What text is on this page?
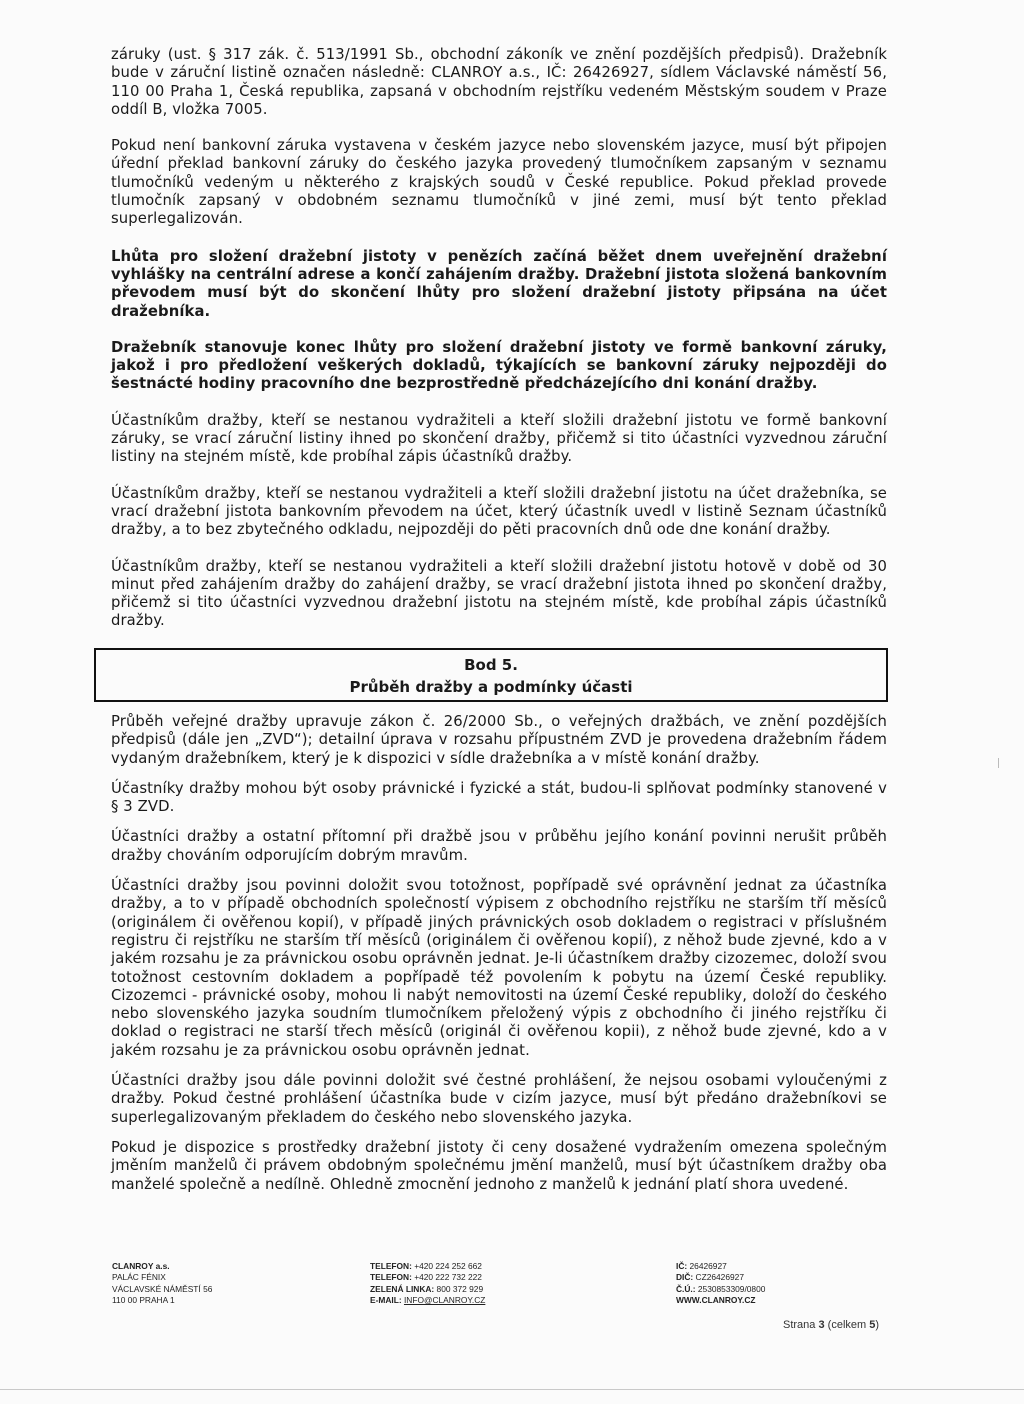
záruky (ust. § 317 zák. č. 513/1991 Sb., obchodní zákoník ve znění pozdějších předpisů). Dražebník bude v záruční listině označen následně: CLANROY a.s., IČ: 26426927, sídlem Václavské náměstí 56, 110 00 Praha 1, Česká republika, zapsaná v obchodním rejstříku vedeném Městským soudem v Praze oddíl B, vložka 7005.

Pokud není bankovní záruka vystavena v českém jazyce nebo slovenském jazyce, musí být připojen úřední překlad bankovní záruky do českého jazyka provedený tlumočníkem zapsaným v seznamu tlumočníků vedeným u některého z krajských soudů v České republice. Pokud překlad provede tlumočník zapsaný v obdobném seznamu tlumočníků v jiné zemi, musí být tento překlad superlegalizován.

Lhůta pro složení dražební jistoty v penězích začíná běžet dnem uveřejnění dražební vyhlášky na centrální adrese a končí zahájením dražby. Dražební jistota složená bankovním převodem musí být do skončení lhůty pro složení dražební jistoty připsána na účet dražebníka.

Dražebník stanovuje konec lhůty pro složení dražební jistoty ve formě bankovní záruky, jakož i pro předložení veškerých dokladů, týkajících se bankovní záruky nejpozději do šestnácté hodiny pracovního dne bezprostředně předcházejícího dni konání dražby.

Účastníkům dražby, kteří se nestanou vydražiteli a kteří složili dražební jistotu ve formě bankovní záruky, se vrací záruční listiny ihned po skončení dražby, přičemž si tito účastníci vyzvednou záruční listiny na stejném místě, kde probíhal zápis účastníků dražby.

Účastníkům dražby, kteří se nestanou vydražiteli a kteří složili dražební jistotu na účet dražebníka, se vrací dražební jistota bankovním převodem na účet, který účastník uvedl v listině Seznam účastníků dražby, a to bez zbytečného odkladu, nejpozději do pěti pracovních dnů ode dne konání dražby.

Účastníkům dražby, kteří se nestanou vydražiteli a kteří složili dražební jistotu hotově v době od 30 minut před zahájením dražby do zahájení dražby, se vrací dražební jistota ihned po skončení dražby, přičemž si tito účastníci vyzvednou dražební jistotu na stejném místě, kde probíhal zápis účastníků dražby.

Bod 5.
Průběh dražby a podmínky účasti

Průběh veřejné dražby upravuje zákon č. 26/2000 Sb., o veřejných dražbách, ve znění pozdějších předpisů (dále jen „ZVD“); detailní úprava v rozsahu přípustném ZVD je provedena dražebním řádem vydaným dražebníkem, který je k dispozici v sídle dražebníka a v místě konání dražby.

Účastníky dražby mohou být osoby právnické i fyzické a stát, budou-li splňovat podmínky stanovené v § 3 ZVD.

Účastníci dražby a ostatní přítomní při dražbě jsou v průběhu jejího konání povinni nerušit průběh dražby chováním odporujícím dobrým mravům.

Účastníci dražby jsou povinni doložit svou totožnost, popřípadě své oprávnění jednat za účastníka dražby, a to v případě obchodních společností výpisem z obchodního rejstříku ne starším tří měsíců (originálem či ověřenou kopií), v případě jiných právnických osob dokladem o registraci v příslušném registru či rejstříku ne starším tří měsíců (originálem či ověřenou kopií), z něhož bude zjevné, kdo a v jakém rozsahu je za právnickou osobu oprávněn jednat. Je-li účastníkem dražby cizozemec, doloží svou totožnost cestovním dokladem a popřípadě též povolením k pobytu na území České republiky. Cizozemci - právnické osoby, mohou li nabýt nemovitosti na území České republiky, doloží do českého nebo slovenského jazyka soudním tlumočníkem přeložený výpis z obchodního či jiného rejstříku či doklad o registraci ne starší třech měsíců (originál či ověřenou kopii), z něhož bude zjevné, kdo a v jakém rozsahu je za právnickou osobu oprávněn jednat.

Účastníci dražby jsou dále povinni doložit své čestné prohlášení, že nejsou osobami vyloučenými z dražby. Pokud čestné prohlášení účastníka bude v cizím jazyce, musí být předáno dražebníkovi se superlegalizovaným překladem do českého nebo slovenského jazyka.

Pokud je dispozice s prostředky dražební jistoty či ceny dosažené vydražením omezena společným jměním manželů či právem obdobným společnému jmění manželů, musí být účastníkem dražby oba manželé společně a nedílně. Ohledně zmocnění jednoho z manželů k jednání platí shora uvedené.

CLANROY a.s.
PALÁC FÉNIX
VÁCLAVSKÉ NÁMĚSTÍ 56
110 00 PRAHA 1
TELEFON: +420 224 252 662
TELEFON: +420 222 732 222
ZELENÁ LINKA: 800 372 929
E-MAIL: INFO@CLANROY.CZ
IČ: 26426927
DIČ: CZ26426927
Č.Ú.: 2530853309/0800
WWW.CLANROY.CZ
Strana 3 (celkem 5)
